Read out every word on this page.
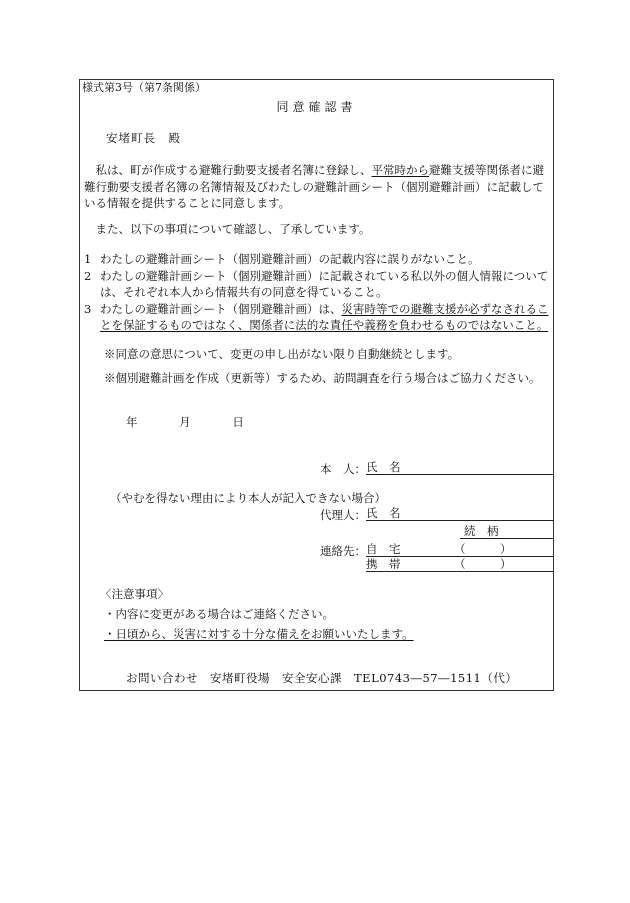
様式第3号（第7条関係）
同意確認書
安堵町長　殿
私は、町が作成する避難行動要支援者名簿に登録し、平常時から避難支援等関係者に避難行動要支援者名簿の名簿情報及びわたしの避難計画シート（個別避難計画）に記載している情報を提供することに同意します。
また、以下の事項について確認し、了承しています。
1 わたしの避難計画シート（個別避難計画）の記載内容に誤りがないこと。
2 わたしの避難計画シート（個別避難計画）に記載されている私以外の個人情報については、それぞれ本人から情報共有の同意を得ていること。
3 わたしの避難計画シート（個別避難計画）は、災害時等での避難支援が必ずなされることを保証するものではなく、関係者に法的な責任や義務を負わせるものではないこと。
※同意の意思について、変更の申し出がない限り自動継続とします。
※個別避難計画を作成（更新等）するため、訪問調査を行う場合はご協力ください。
年	月	日
本　人： 氏　名
（やむを得ない理由により本人が記入できない場合）
代理人： 氏　名
続　柄
連絡先： 自　宅	（　　　）
携　帯	（　　　）
〈注意事項〉
・内容に変更がある場合はご連絡ください。
・日頃から、災害に対する十分な備えをお願いいたします。
お問い合わせ　安堵町役場　安全安心課　TEL0743―57―1511（代）
